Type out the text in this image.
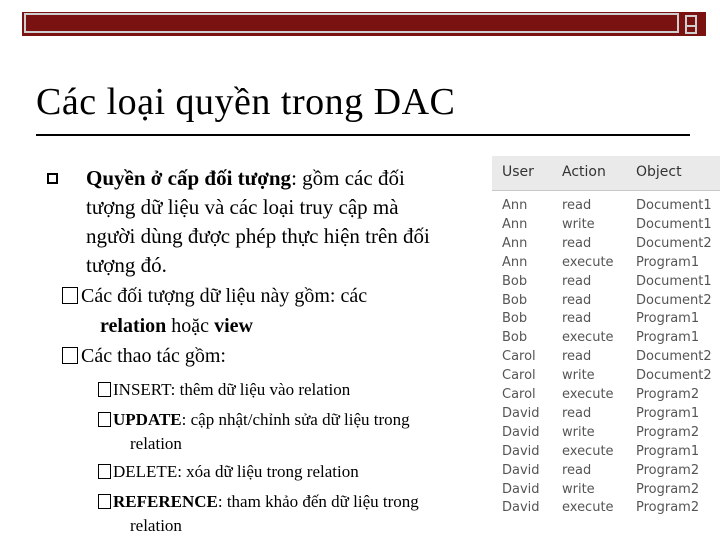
Các loại quyền trong DAC
Quyền ở cấp đối tượng: gồm các đối
tượng dữ liệu và các loại truy cập mà
người dùng được phép thực hiện trên đối
tượng đó.
Các đối tượng dữ liệu này gồm: các
relation hoặc view
Các thao tác gồm:
INSERT: thêm dữ liệu vào relation
UPDATE: cập nhật/chỉnh sửa dữ liệu trong
relation
DELETE: xóa dữ liệu trong relation
REFERENCE: tham khảo đến dữ liệu trong
relation
User Action Object
Ann	read	Document1
Ann	write	Document1
Ann	read	Document2
Ann	execute Program1
Bob	read	Document1
Bob	read	Document2
Bob	read	Program1
Bob	execute Program1
Carol read	Document2
Carol write	Document2
Carol execute Program2
David read	Program1
David write	Program2
David execute Program1
David read	Program2
David write	Program2
David execute Program2
